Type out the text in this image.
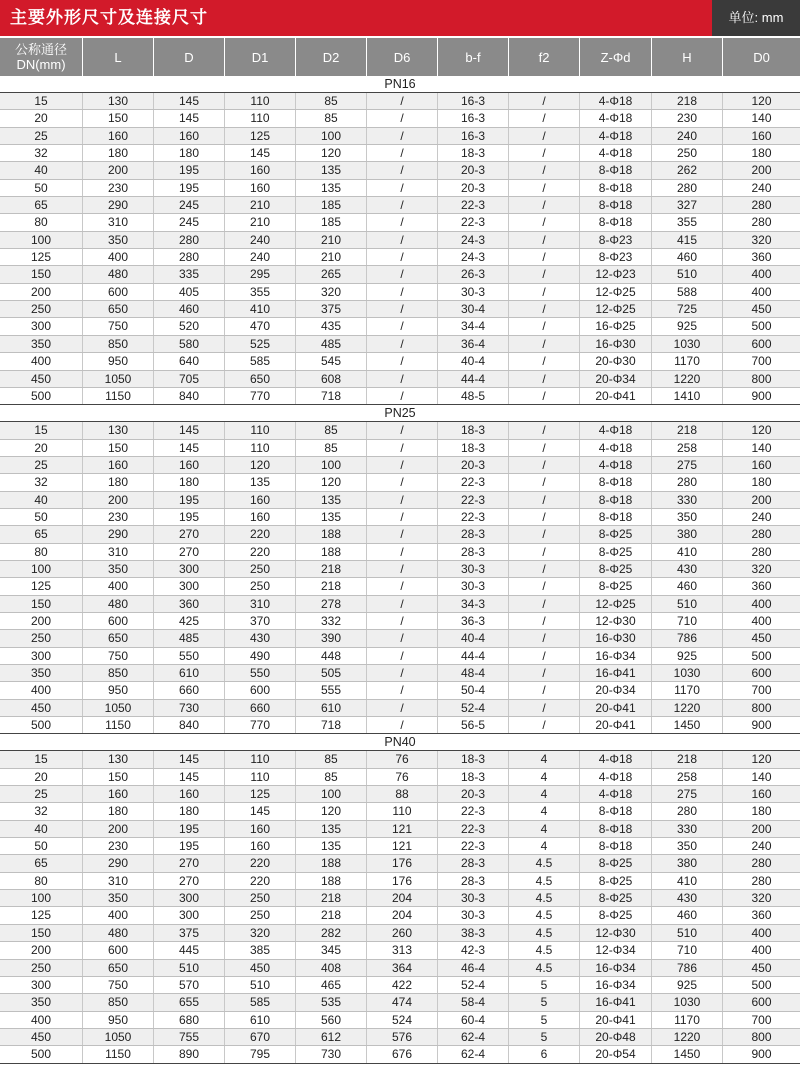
主要外形尺寸及连接尺寸	单位: mm
公称通径
DN(mm)	L	D	D1	D2	D6	b-f	f2	Z-Φd	H	D0
PN16
15	130	145	110	85	/	16-3	/	4-Φ18	218	120
20	150	145	110	85	/	16-3	/	4-Φ18	230	140
25	160	160	125	100	/	16-3	/	4-Φ18	240	160
32	180	180	145	120	/	18-3	/	4-Φ18	250	180
40	200	195	160	135	/	20-3	/	8-Φ18	262	200
50	230	195	160	135	/	20-3	/	8-Φ18	280	240
65	290	245	210	185	/	22-3	/	8-Φ18	327	280
80	310	245	210	185	/	22-3	/	8-Φ18	355	280
100	350	280	240	210	/	24-3	/	8-Φ23	415	320
125	400	280	240	210	/	24-3	/	8-Φ23	460	360
150	480	335	295	265	/	26-3	/	12-Φ23	510	400
200	600	405	355	320	/	30-3	/	12-Φ25	588	400
250	650	460	410	375	/	30-4	/	12-Φ25	725	450
300	750	520	470	435	/	34-4	/	16-Φ25	925	500
350	850	580	525	485	/	36-4	/	16-Φ30	1030	600
400	950	640	585	545	/	40-4	/	20-Φ30	1170	700
450	1050	705	650	608	/	44-4	/	20-Φ34	1220	800
500	1150	840	770	718	/	48-5	/	20-Φ41	1410	900
PN25
15	130	145	110	85	/	18-3	/	4-Φ18	218	120
20	150	145	110	85	/	18-3	/	4-Φ18	258	140
25	160	160	120	100	/	20-3	/	4-Φ18	275	160
32	180	180	135	120	/	22-3	/	8-Φ18	280	180
40	200	195	160	135	/	22-3	/	8-Φ18	330	200
50	230	195	160	135	/	22-3	/	8-Φ18	350	240
65	290	270	220	188	/	28-3	/	8-Φ25	380	280
80	310	270	220	188	/	28-3	/	8-Φ25	410	280
100	350	300	250	218	/	30-3	/	8-Φ25	430	320
125	400	300	250	218	/	30-3	/	8-Φ25	460	360
150	480	360	310	278	/	34-3	/	12-Φ25	510	400
200	600	425	370	332	/	36-3	/	12-Φ30	710	400
250	650	485	430	390	/	40-4	/	16-Φ30	786	450
300	750	550	490	448	/	44-4	/	16-Φ34	925	500
350	850	610	550	505	/	48-4	/	16-Φ41	1030	600
400	950	660	600	555	/	50-4	/	20-Φ34	1170	700
450	1050	730	660	610	/	52-4	/	20-Φ41	1220	800
500	1150	840	770	718	/	56-5	/	20-Φ41	1450	900
PN40
15	130	145	110	85	76	18-3	4	4-Φ18	218	120
20	150	145	110	85	76	18-3	4	4-Φ18	258	140
25	160	160	125	100	88	20-3	4	4-Φ18	275	160
32	180	180	145	120	110	22-3	4	8-Φ18	280	180
40	200	195	160	135	121	22-3	4	8-Φ18	330	200
50	230	195	160	135	121	22-3	4	8-Φ18	350	240
65	290	270	220	188	176	28-3	4.5	8-Φ25	380	280
80	310	270	220	188	176	28-3	4.5	8-Φ25	410	280
100	350	300	250	218	204	30-3	4.5	8-Φ25	430	320
125	400	300	250	218	204	30-3	4.5	8-Φ25	460	360
150	480	375	320	282	260	38-3	4.5	12-Φ30	510	400
200	600	445	385	345	313	42-3	4.5	12-Φ34	710	400
250	650	510	450	408	364	46-4	4.5	16-Φ34	786	450
300	750	570	510	465	422	52-4	5	16-Φ34	925	500
350	850	655	585	535	474	58-4	5	16-Φ41	1030	600
400	950	680	610	560	524	60-4	5	20-Φ41	1170	700
450	1050	755	670	612	576	62-4	5	20-Φ48	1220	800
500	1150	890	795	730	676	62-4	6	20-Φ54	1450	900
